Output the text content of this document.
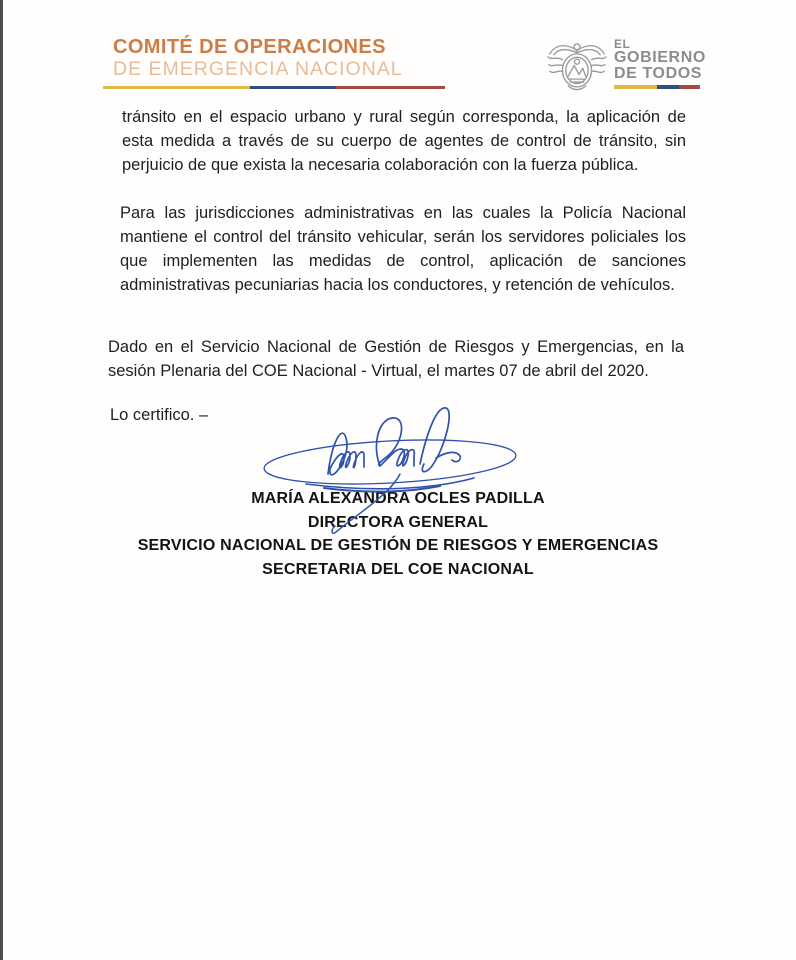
COMITÉ DE OPERACIONES
DE EMERGENCIA NACIONAL
EL
GOBIERNO
DE TODOS

tránsito en el espacio urbano y rural según corresponda, la aplicación de esta medida a través de su cuerpo de agentes de control de tránsito, sin perjuicio de que exista la necesaria colaboración con la fuerza pública.

Para las jurisdicciones administrativas en las cuales la Policía Nacional mantiene el control del tránsito vehicular, serán los servidores policiales los que implementen las medidas de control, aplicación de sanciones administrativas pecuniarias hacia los conductores, y retención de vehículos.

Dado en el Servicio Nacional de Gestión de Riesgos y Emergencias, en la sesión Plenaria del COE Nacional - Virtual, el martes 07 de abril del 2020.

Lo certifico. –

MARÍA ALEXANDRA OCLES PADILLA
DIRECTORA GENERAL
SERVICIO NACIONAL DE GESTIÓN DE RIESGOS Y EMERGENCIAS
SECRETARIA DEL COE NACIONAL
